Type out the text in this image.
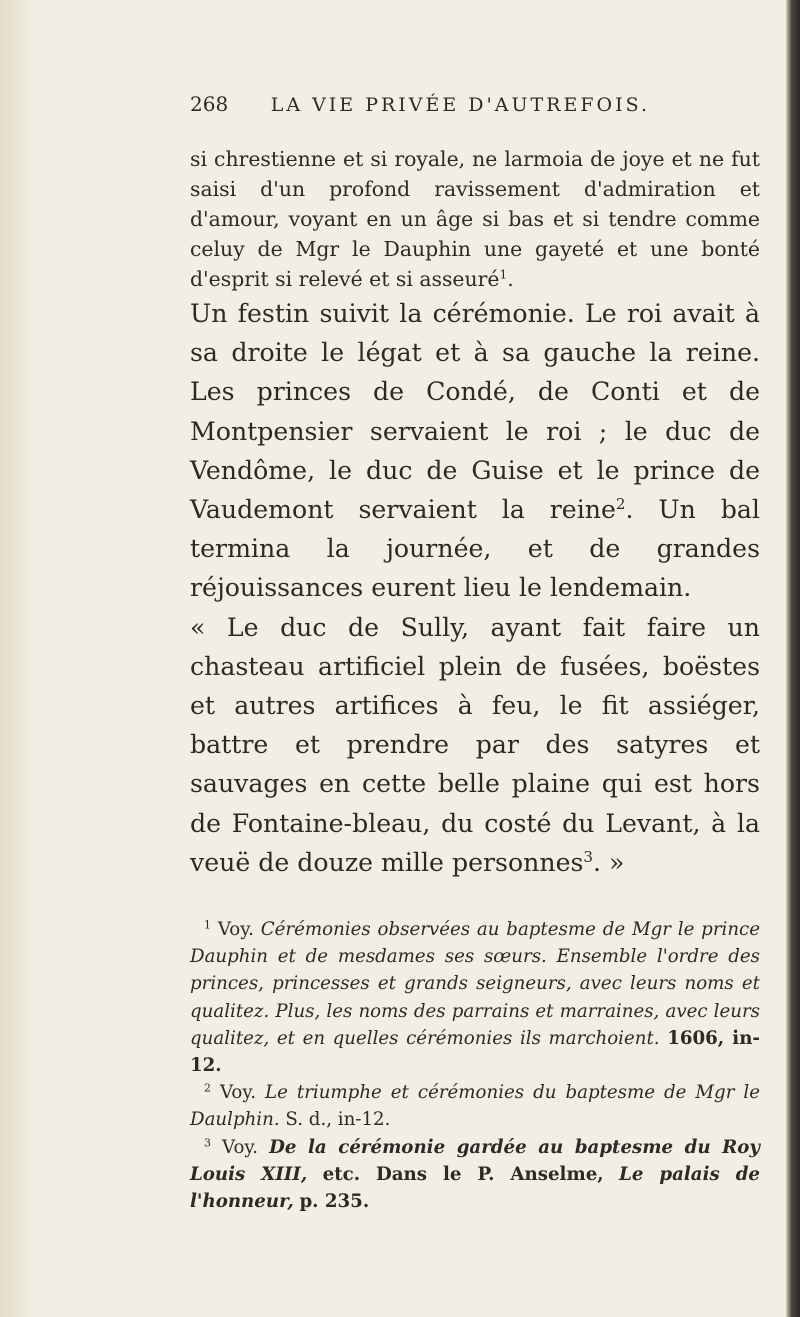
268 LA VIE PRIVÉE D'AUTREFOIS.

si chrestienne et si royale, ne larmoia de joye et ne fut saisi d'un profond ravissement d'admiration et d'amour, voyant en un âge si bas et si tendre comme celuy de Mgr le Dauphin une gayeté et une bonté d'esprit si relevé et si asseuré$^1$.

Un festin suivit la cérémonie. Le roi avait à sa droite le légat et à sa gauche la reine. Les princes de Condé, de Conti et de Montpensier servaient le roi ; le duc de Vendôme, le duc de Guise et le prince de Vaudemont servaient la reine$^2$. Un bal termina la journée, et de grandes réjouissances eurent lieu le lendemain.

« Le duc de Sully, ayant fait faire un chasteau artificiel plein de fusées, boëstes et autres artifices à feu, le fit assiéger, battre et prendre par des satyres et sauvages en cette belle plaine qui est hors de Fontaine-bleau, du costé du Levant, à la veuë de douze mille personnes$^3$. »

$^1$ Voy. Cérémonies observées au baptesme de Mgr le prince Dauphin et de mesdames ses sœurs. Ensemble l'ordre des princes, princesses et grands seigneurs, avec leurs noms et qualitez. Plus, les noms des parrains et marraines, avec leurs qualitez, et en quelles cérémonies ils marchoient. 1606, in-12.

$^2$ Voy. Le triumphe et cérémonies du baptesme de Mgr le Daulphin. S. d., in-12.

$^3$ Voy. De la cérémonie gardée au baptesme du Roy Louis XIII, etc. Dans le P. Anselme, Le palais de l'honneur, p. 235.
